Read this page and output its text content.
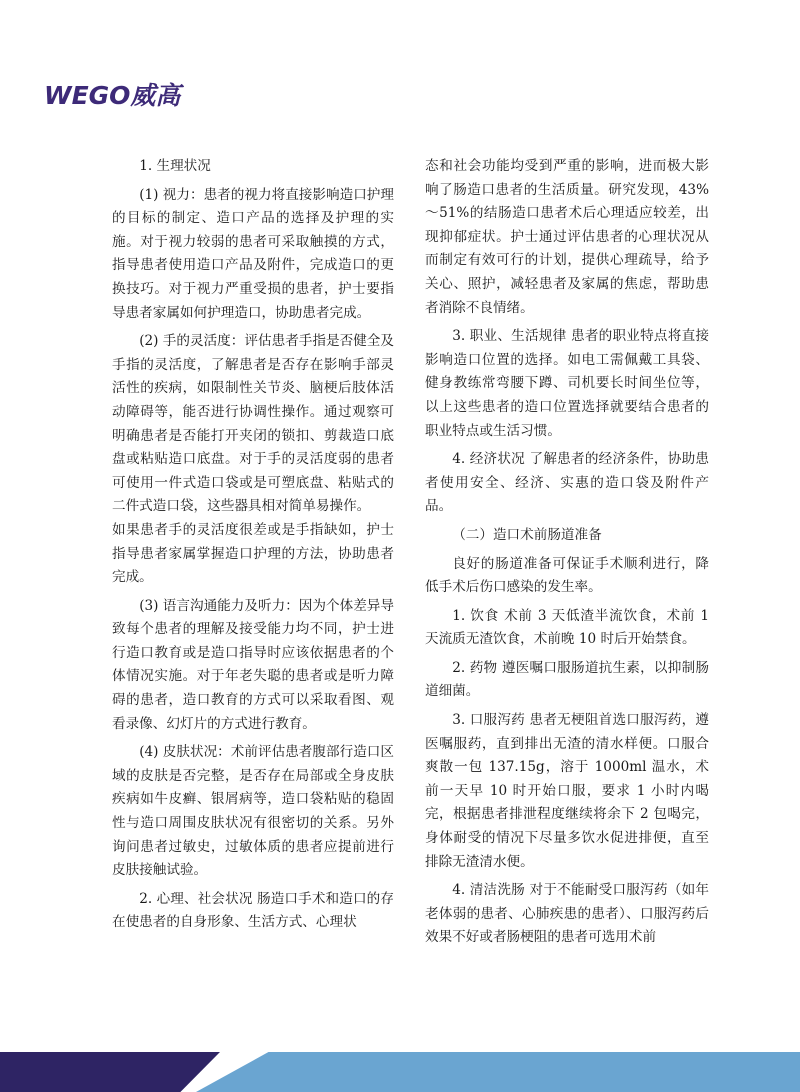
WEGO威高

1. 生理状况

(1) 视力：患者的视力将直接影响造口护理的目标的制定、造口产品的选择及护理的实施。对于视力较弱的患者可采取触摸的方式，指导患者使用造口产品及附件，完成造口的更换技巧。对于视力严重受损的患者，护士要指导患者家属如何护理造口，协助患者完成。

(2) 手的灵活度：评估患者手指是否健全及手指的灵活度，了解患者是否存在影响手部灵活性的疾病，如限制性关节炎、脑梗后肢体活动障碍等，能否进行协调性操作。通过观察可明确患者是否能打开夹闭的锁扣、剪裁造口底盘或粘贴造口底盘。对于手的灵活度弱的患者可使用一件式造口袋或是可塑底盘、粘贴式的二件式造口袋，这些器具相对简单易操作。

如果患者手的灵活度很差或是手指缺如，护士指导患者家属掌握造口护理的方法，协助患者完成。

(3) 语言沟通能力及听力：因为个体差异导致每个患者的理解及接受能力均不同，护士进行造口教育或是造口指导时应该依据患者的个体情况实施。对于年老失聪的患者或是听力障碍的患者，造口教育的方式可以采取看图、观看录像、幻灯片的方式进行教育。

(4) 皮肤状况：术前评估患者腹部行造口区域的皮肤是否完整，是否存在局部或全身皮肤疾病如牛皮癣、银屑病等，造口袋粘贴的稳固性与造口周围皮肤状况有很密切的关系。另外询问患者过敏史，过敏体质的患者应提前进行皮肤接触试验。

2. 心理、社会状况 肠造口手术和造口的存在使患者的自身形象、生活方式、心理状

态和社会功能均受到严重的影响，进而极大影响了肠造口患者的生活质量。研究发现，43%～51%的结肠造口患者术后心理适应较差，出现抑郁症状。护士通过评估患者的心理状况从而制定有效可行的计划，提供心理疏导，给予关心、照护，减轻患者及家属的焦虑，帮助患者消除不良情绪。

3. 职业、生活规律 患者的职业特点将直接影响造口位置的选择。如电工需佩戴工具袋、健身教练常弯腰下蹲、司机要长时间坐位等，以上这些患者的造口位置选择就要结合患者的职业特点或生活习惯。

4. 经济状况 了解患者的经济条件，协助患者使用安全、经济、实惠的造口袋及附件产品。

（二）造口术前肠道准备

良好的肠道准备可保证手术顺利进行，降低手术后伤口感染的发生率。

1. 饮食 术前 3 天低渣半流饮食，术前 1 天流质无渣饮食，术前晚 10 时后开始禁食。

2. 药物 遵医嘱口服肠道抗生素，以抑制肠道细菌。

3. 口服泻药 患者无梗阻首选口服泻药，遵医嘱服药，直到排出无渣的清水样便。口服合爽散一包 137.15g，溶于 1000ml 温水，术前一天早 10 时开始口服，要求 1 小时内喝完，根据患者排泄程度继续将余下 2 包喝完，身体耐受的情况下尽量多饮水促进排便，直至排除无渣清水便。

4. 清洁洗肠 对于不能耐受口服泻药（如年老体弱的患者、心肺疾患的患者）、口服泻药后效果不好或者肠梗阻的患者可选用术前
